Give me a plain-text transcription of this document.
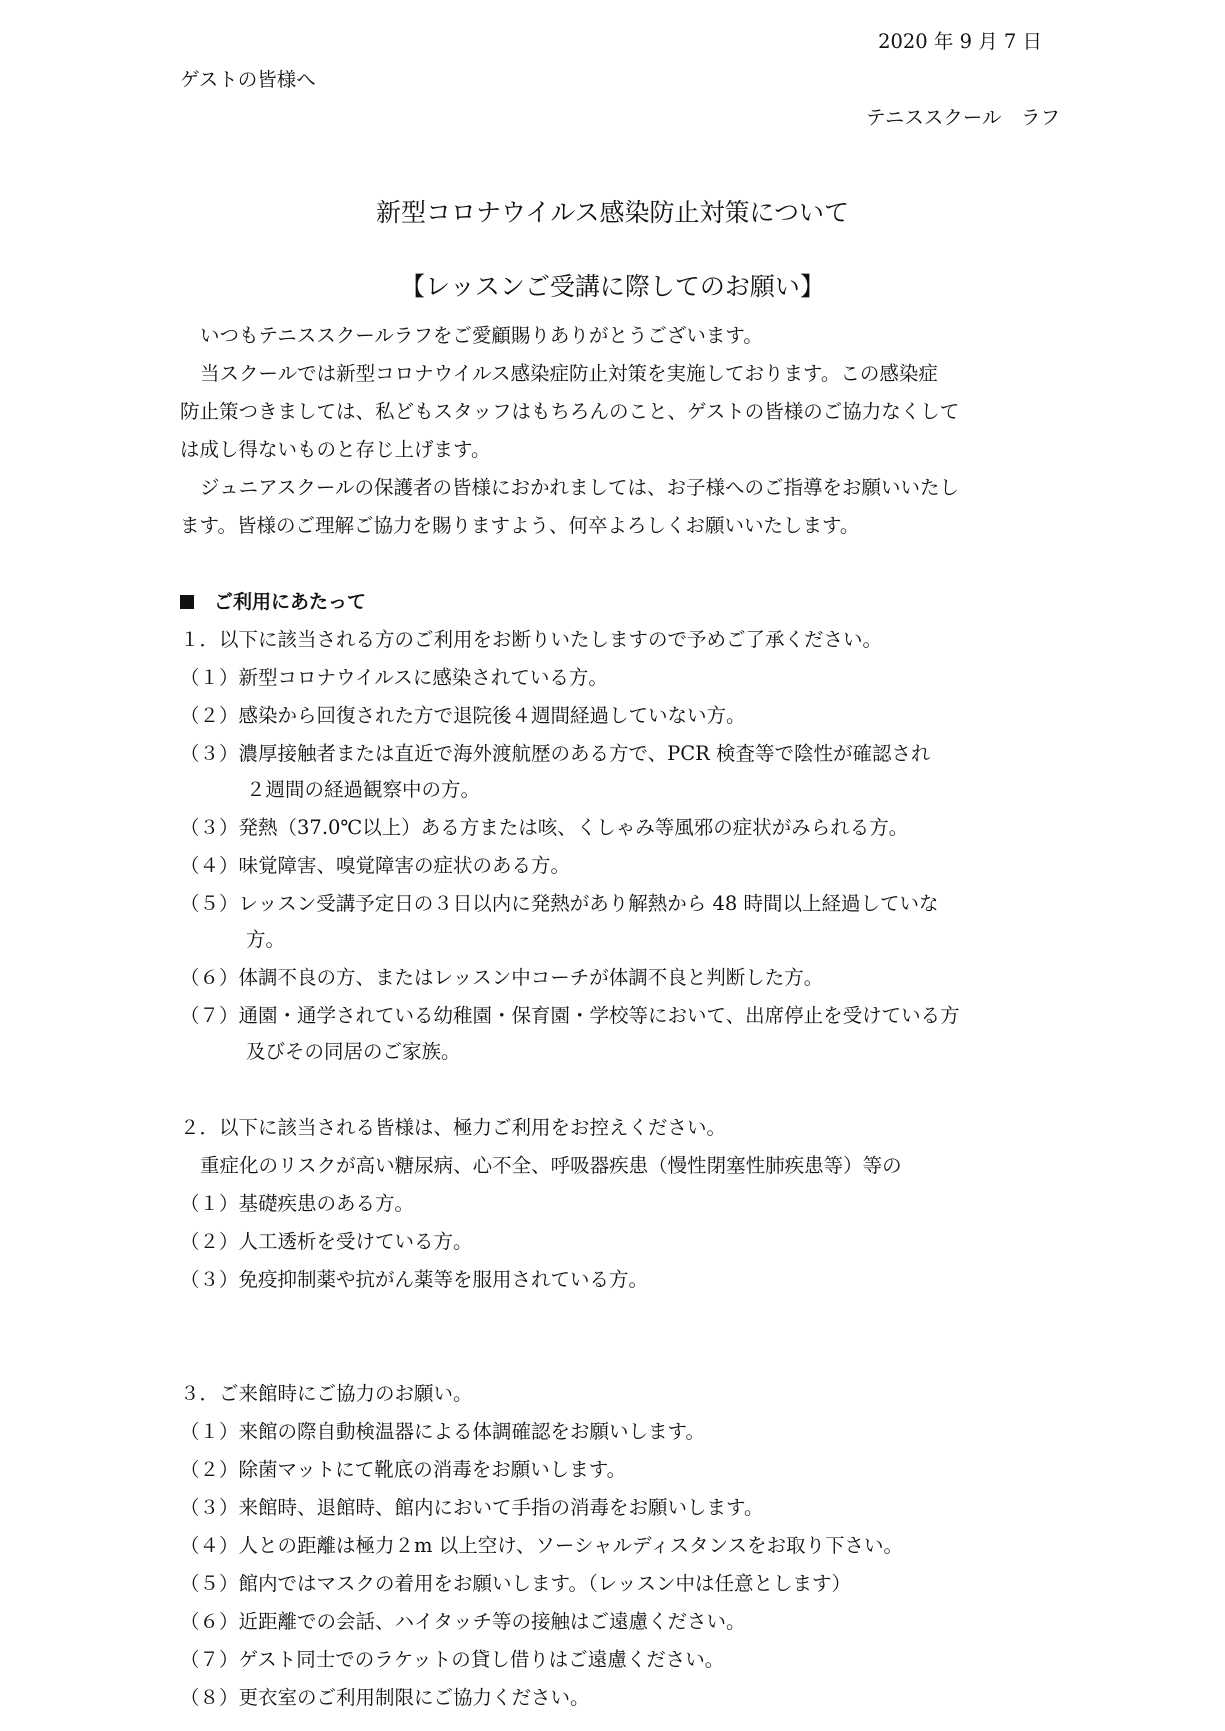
2020 年 9 月 7 日
ゲストの皆様へ
テニススクール　ラフ
新型コロナウイルス感染防止対策について
【レッスンご受講に際してのお願い】
いつもテニススクールラフをご愛顧賜りありがとうございます。
当スクールでは新型コロナウイルス感染症防止対策を実施しております。この感染症
防止策つきましては、私どもスタッフはもちろんのこと、ゲストの皆様のご協力なくして
は成し得ないものと存じ上げます。
ジュニアスクールの保護者の皆様におかれましては、お子様へのご指導をお願いいたし
ます。皆様のご理解ご協力を賜りますよう、何卒よろしくお願いいたします。
ご利用にあたって
１．以下に該当される方のご利用をお断りいたしますので予めご了承ください。
（１）新型コロナウイルスに感染されている方。
（２）感染から回復された方で退院後４週間経過していない方。
（３）濃厚接触者または直近で海外渡航歴のある方で、PCR 検査等で陰性が確認され
２週間の経過観察中の方。
（３）発熱（37.0℃以上）ある方または咳、くしゃみ等風邪の症状がみられる方。
（４）味覚障害、嗅覚障害の症状のある方。
（５）レッスン受講予定日の３日以内に発熱があり解熱から 48 時間以上経過していな
方。
（６）体調不良の方、またはレッスン中コーチが体調不良と判断した方。
（７）通園・通学されている幼稚園・保育園・学校等において、出席停止を受けている方
及びその同居のご家族。
２．以下に該当される皆様は、極力ご利用をお控えください。
重症化のリスクが高い糖尿病、心不全、呼吸器疾患（慢性閉塞性肺疾患等）等の
（１）基礎疾患のある方。
（２）人工透析を受けている方。
（３）免疫抑制薬や抗がん薬等を服用されている方。
３．ご来館時にご協力のお願い。
（１）来館の際自動検温器による体調確認をお願いします。
（２）除菌マットにて靴底の消毒をお願いします。
（３）来館時、退館時、館内において手指の消毒をお願いします。
（４）人との距離は極力２m 以上空け、ソーシャルディスタンスをお取り下さい。
（５）館内ではマスクの着用をお願いします。（レッスン中は任意とします）
（６）近距離での会話、ハイタッチ等の接触はご遠慮ください。
（７）ゲスト同士でのラケットの貸し借りはご遠慮ください。
（８）更衣室のご利用制限にご協力ください。
